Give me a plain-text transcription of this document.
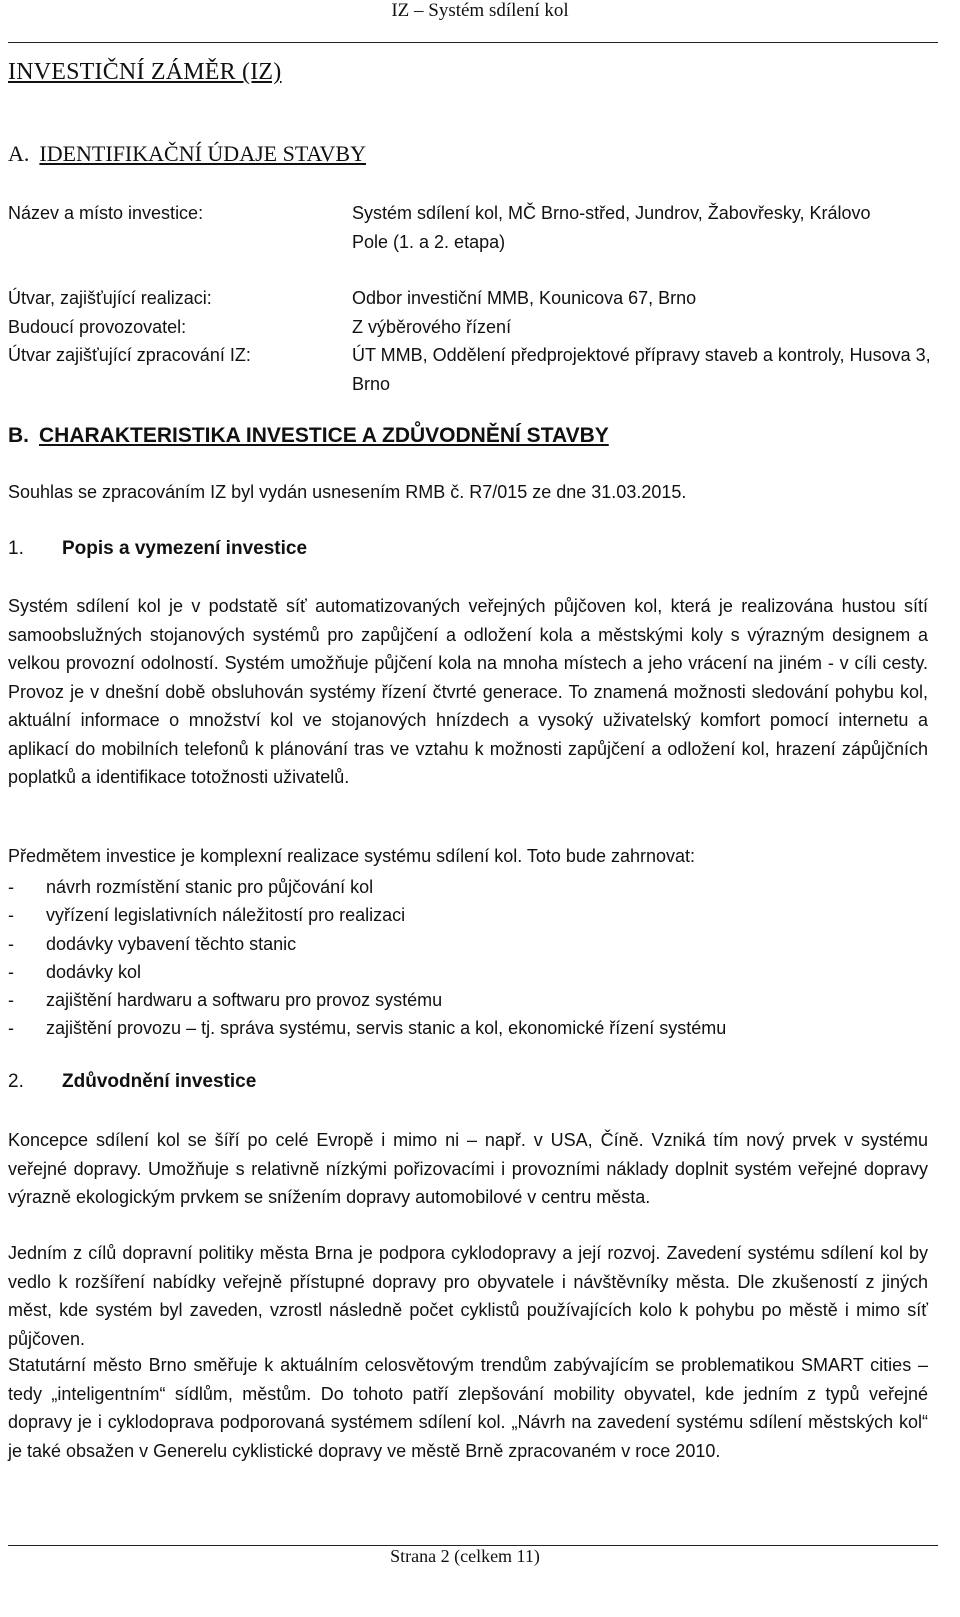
IZ – Systém sdílení kol
INVESTIČNÍ ZÁMĚR (IZ)
A. IDENTIFIKAČNÍ ÚDAJE STAVBY
Název a místo investice:	Systém sdílení kol, MČ Brno-střed, Jundrov, Žabovřesky, Královo Pole (1. a 2. etapa)
Útvar, zajišťující realizaci:	Odbor investiční MMB, Kounicova 67, Brno
Budoucí provozovatel:	Z výběrového řízení
Útvar zajišťující zpracování IZ:	ÚT MMB, Oddělení předprojektové přípravy staveb a kontroly, Husova 3, Brno
B. CHARAKTERISTIKA INVESTICE A ZDŮVODNĚNÍ STAVBY
Souhlas se zpracováním IZ byl vydán usnesením RMB č. R7/015 ze dne 31.03.2015.
1. Popis a vymezení investice
Systém sdílení kol je v podstatě síť automatizovaných veřejných půjčoven kol, která je realizována hustou sítí samoobslužných stojanových systémů pro zapůjčení a odložení kola a městskými koly s výrazným designem a velkou provozní odolností. Systém umožňuje půjčení kola na mnoha místech a jeho vrácení na jiném - v cíli cesty. Provoz je v dnešní době obsluhován systémy řízení čtvrté generace. To znamená možnosti sledování pohybu kol, aktuální informace o množství kol ve stojanových hnízdech a vysoký uživatelský komfort pomocí internetu a aplikací do mobilních telefonů k plánování tras ve vztahu k možnosti zapůjčení a odložení kol, hrazení zápůjčních poplatků a identifikace totožnosti uživatelů.
Předmětem investice je komplexní realizace systému sdílení kol. Toto bude zahrnovat:
-	návrh rozmístění stanic pro půjčování kol
-	vyřízení legislativních náležitostí pro realizaci
-	dodávky vybavení těchto stanic
-	dodávky kol
-	zajištění hardwaru a softwaru pro provoz systému
-	zajištění provozu – tj. správa systému, servis stanic a kol, ekonomické řízení systému
2. Zdůvodnění investice
Koncepce sdílení kol se šíří po celé Evropě i mimo ni – např. v USA, Číně. Vzniká tím nový prvek v systému veřejné dopravy. Umožňuje s relativně nízkými pořizovacími i provozními náklady doplnit systém veřejné dopravy výrazně ekologickým prvkem se snížením dopravy automobilové v centru města.
Jedním z cílů dopravní politiky města Brna je podpora cyklodopravy a její rozvoj. Zavedení systému sdílení kol by vedlo k rozšíření nabídky veřejně přístupné dopravy pro obyvatele i návštěvníky města. Dle zkušeností z jiných měst, kde systém byl zaveden, vzrostl následně počet cyklistů používajících kolo k pohybu po městě i mimo síť půjčoven.
Statutární město Brno směřuje k aktuálním celosvětovým trendům zabývajícím se problematikou SMART cities – tedy „inteligentním“ sídlům, městům. Do tohoto patří zlepšování mobility obyvatel, kde jedním z typů veřejné dopravy je i cyklodoprava podporovaná systémem sdílení kol. „Návrh na zavedení systému sdílení městských kol“ je také obsažen v Generelu cyklistické dopravy ve městě Brně zpracovaném v roce 2010.
Strana 2 (celkem 11)
